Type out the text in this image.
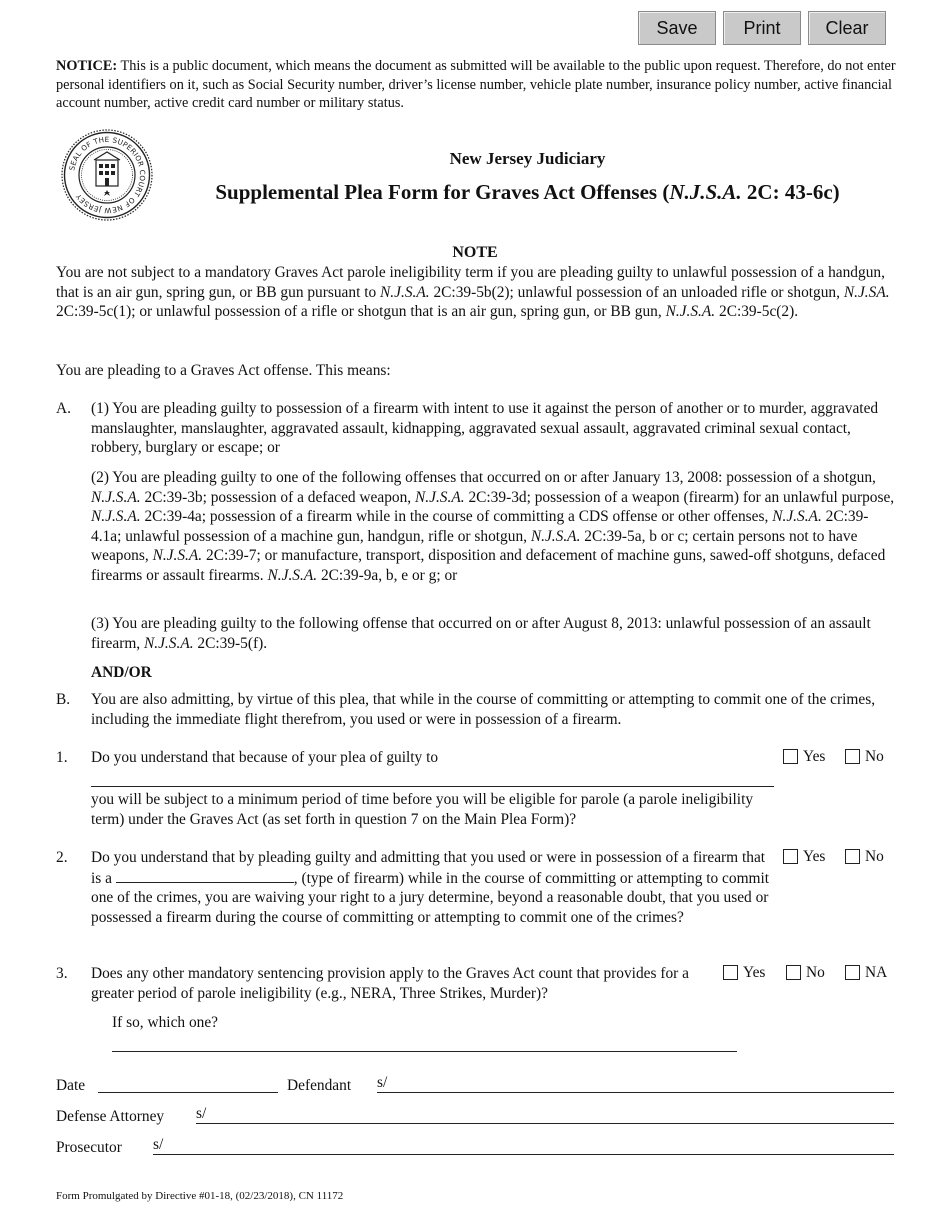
Save	Print	Clear
NOTICE: This is a public document, which means the document as submitted will be available to the public upon request. Therefore, do not enter personal identifiers on it, such as Social Security number, driver’s license number, vehicle plate number, insurance policy number, active financial account number, active credit card number or military status.
SEAL OF THE SUPERIOR COURT OF NEW JERSEY
New Jersey Judiciary
Supplemental Plea Form for Graves Act Offenses (N.J.S.A. 2C: 43-6c)
NOTE
You are not subject to a mandatory Graves Act parole ineligibility term if you are pleading guilty to unlawful possession of a handgun, that is an air gun, spring gun, or BB gun pursuant to N.J.S.A. 2C:39-5b(2); unlawful possession of an unloaded rifle or shotgun, N.J.SA. 2C:39-5c(1); or unlawful possession of a rifle or shotgun that is an air gun, spring gun, or BB gun, N.J.S.A. 2C:39-5c(2).
You are pleading to a Graves Act offense. This means:
A. (1) You are pleading guilty to possession of a firearm with intent to use it against the person of another or to murder, aggravated manslaughter, manslaughter, aggravated assault, kidnapping, aggravated sexual assault, aggravated criminal sexual contact, robbery, burglary or escape; or
(2) You are pleading guilty to one of the following offenses that occurred on or after January 13, 2008: possession of a shotgun, N.J.S.A. 2C:39-3b; possession of a defaced weapon, N.J.S.A. 2C:39-3d; possession of a weapon (firearm) for an unlawful purpose, N.J.S.A. 2C:39-4a; possession of a firearm while in the course of committing a CDS offense or other offenses, N.J.S.A. 2C:39-4.1a; unlawful possession of a machine gun, handgun, rifle or shotgun, N.J.S.A. 2C:39-5a, b or c; certain persons not to have weapons, N.J.S.A. 2C:39-7; or manufacture, transport, disposition and defacement of machine guns, sawed-off shotguns, defaced firearms or assault firearms. N.J.S.A. 2C:39-9a, b, e or g; or
(3) You are pleading guilty to the following offense that occurred on or after August 8, 2013: unlawful possession of an assault firearm, N.J.S.A. 2C:39-5(f).
AND/OR
B. You are also admitting, by virtue of this plea, that while in the course of committing or attempting to commit one of the crimes, including the immediate flight therefrom, you used or were in possession of a firearm.
1. Do you understand that because of your plea of guilty to
you will be subject to a minimum period of time before you will be eligible for parole (a parole ineligibility term) under the Graves Act (as set forth in question 7 on the Main Plea Form)?
Yes	No
2. Do you understand that by pleading guilty and admitting that you used or were in possession of a firearm that is a	, (type of firearm) while in the course of committing or attempting to commit one of the crimes, you are waiving your right to a jury determine, beyond a reasonable doubt, that you used or possessed a firearm during the course of committing or attempting to commit one of the crimes?
Yes	No
3. Does any other mandatory sentencing provision apply to the Graves Act count that provides for a greater period of parole ineligibility (e.g., NERA, Three Strikes, Murder)?
Yes	No	NA
If so, which one?
Date	Defendant s/
Defense Attorney s/
Prosecutor s/
Form Promulgated by Directive #01-18, (02/23/2018), CN 11172
